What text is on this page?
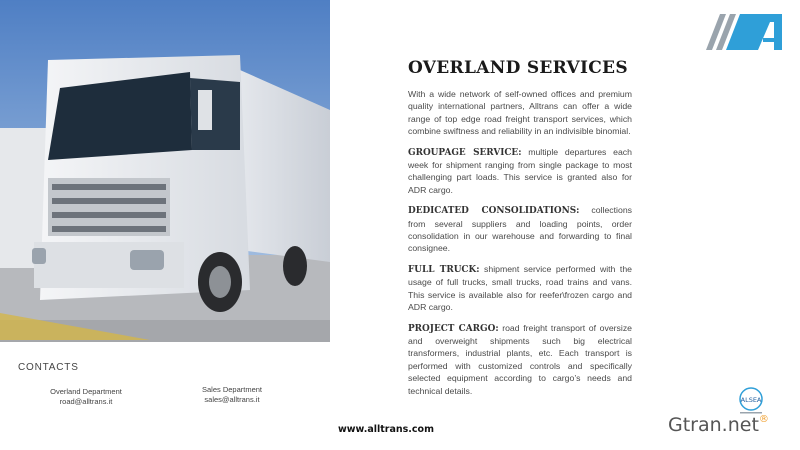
OVERLAND SERVICES

With a wide network of self-owned offices and premium quality international partners, Alltrans can offer a wide range of top edge road freight transport services, which combine swiftness and reliability in an indivisible binomial.

GROUPAGE SERVICE: multiple departures each week for shipment ranging from single package to most challenging part loads. This service is granted also for ADR cargo.

DEDICATED CONSOLIDATIONS: collections from several suppliers and loading points, order consolidation in our warehouse and forwarding to final consignee.

FULL TRUCK: shipment service performed with the usage of full trucks, small trucks, road trains and vans. This service is available also for reefer\frozen cargo and ADR cargo.

PROJECT CARGO: road freight transport of oversize and overweight shipments such big electrical transformers, industrial plants, etc. Each transport is performed with customized controls and specifically selected equipment according to cargo’s needs and technical details.

CONTACTS
Overland Department
road@alltrans.it
Sales Department
sales@alltrans.it
www.alltrans.com
ALSEA
Gtran.net®
